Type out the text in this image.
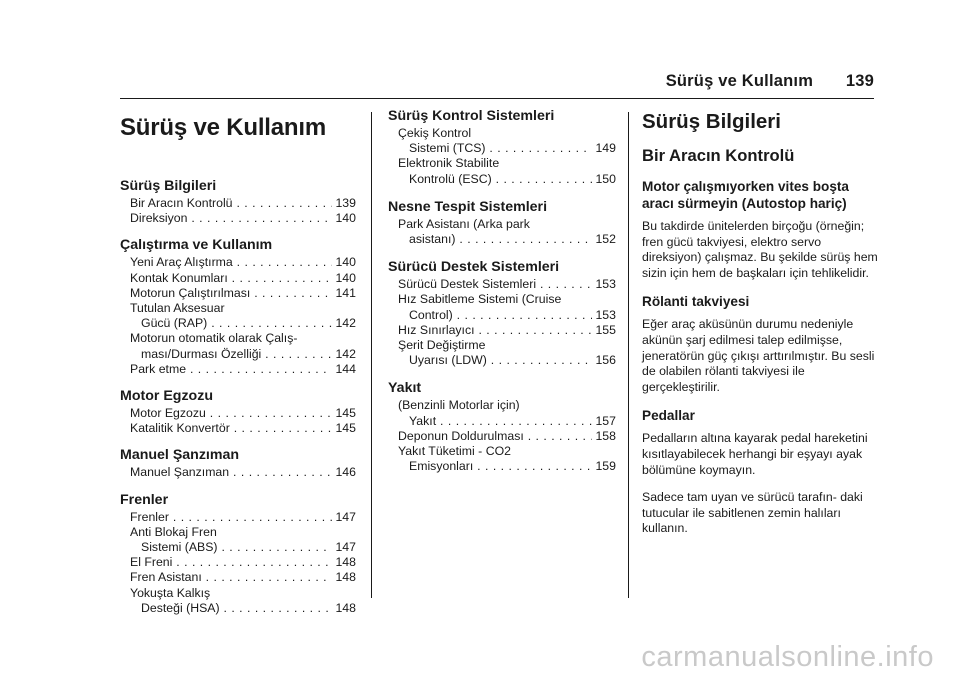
Sürüş ve Kullanım 139
Sürüş ve Kullanım
Sürüş Bilgileri
Bir Aracın Kontrolü . . .	139
Direksiyon . . .	140
Çalıştırma ve Kullanım
Yeni Araç Alıştırma . . .	140
Kontak Konumları . . .	140
Motorun Çalıştırılması . . .	141
Tutulan Aksesuar
Gücü (RAP) . . .	142
Motorun otomatik olarak Çalış-
ması/Durması Özelliği . . .	142
Park etme . . .	144
Motor Egzozu
Motor Egzozu . . .	145
Katalitik Konvertör . . .	145
Manuel Şanzıman
Manuel Şanzıman . . .	146
Frenler
Frenler . . .	147
Anti Blokaj Fren
Sistemi (ABS) . . .	147
El Freni . . .	148
Fren Asistanı . . .	148
Yokuşta Kalkış
Desteği (HSA) . . .	148
Sürüş Kontrol Sistemleri
Çekiş Kontrol
Sistemi (TCS) . . .	149
Elektronik Stabilite
Kontrolü (ESC) . . .	150
Nesne Tespit Sistemleri
Park Asistanı (Arka park
asistanı) . . .	152
Sürücü Destek Sistemleri
Sürücü Destek Sistemleri . . .	153
Hız Sabitleme Sistemi (Cruise
Control) . . .	153
Hız Sınırlayıcı . . .	155
Şerit Değiştirme
Uyarısı (LDW) . . .	156
Yakıt
(Benzinli Motorlar için)
Yakıt . . .	157
Deponun Doldurulması . . .	158
Yakıt Tüketimi - CO2
Emisyonları . . .	159
Sürüş Bilgileri
Bir Aracın Kontrolü
Motor çalışmıyorken vites boşta aracı sürmeyin (Autostop hariç)

Bu takdirde ünitelerden birçoğu (örneğin; fren gücü takviyesi, elektro servo direksiyon) çalışmaz. Bu şekilde sürüş hem sizin için hem de başkaları için tehlikelidir.

Rölanti takviyesi

Eğer araç aküsünün durumu nedeniyle akünün şarj edilmesi talep edilmişse, jeneratörün güç çıkışı arttırılmıştır. Bu sesli de olabilen rölanti takviyesi ile gerçekleştirilir.

Pedallar

Pedalların altına kayarak pedal hareketini kısıtlayabilecek herhangi bir eşyayı ayak bölümüne koymayın.

Sadece tam uyan ve sürücü tarafın- daki tutucular ile sabitlenen zemin halıları kullanın.

carmanualsonline.info
